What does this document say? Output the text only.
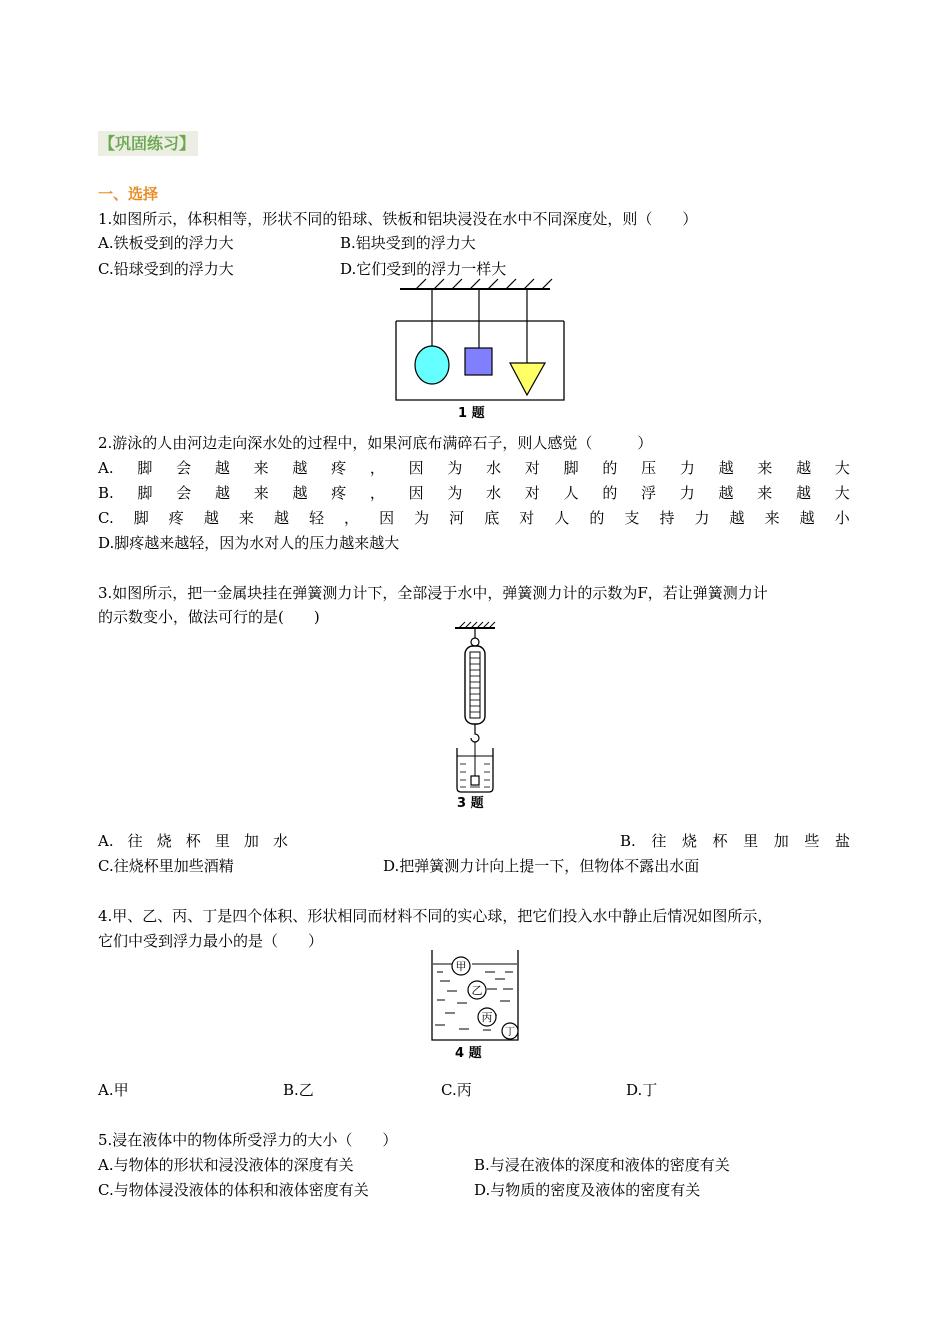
【巩固练习】
一、选择
1.如图所示，体积相等，形状不同的铅球、铁板和铝块浸没在水中不同深度处，则（　　）
A.铁板受到的浮力大	B.铝块受到的浮力大
C.铅球受到的浮力大	D.它们受到的浮力一样大
1 题
2.游泳的人由河边走向深水处的过程中，如果河底布满碎石子，则人感觉（　　　）
A. 脚 会 越 来 越 疼 ， 因 为 水 对 脚 的 压 力 越 来 越 大
B. 脚 会 越 来 越 疼 ， 因 为 水 对 人 的 浮 力 越 来 越 大
C. 脚 疼 越 来 越 轻 ， 因 为 河 底 对 人 的 支 持 力 越 来 越 小
D.脚疼越来越轻，因为水对人的压力越来越大
3.如图所示，把一金属块挂在弹簧测力计下，全部浸于水中，弹簧测力计的示数为F，若让弹簧测力计
的示数变小，做法可行的是(　　)
3 题
A. 往 烧 杯 里 加 水	B. 往 烧 杯 里 加 些 盐
C.往烧杯里加些酒精	D.把弹簧测力计向上提一下，但物体不露出水面
4.甲、乙、丙、丁是四个体积、形状相同而材料不同的实心球，把它们投入水中静止后情况如图所示，
它们中受到浮力最小的是（　　）
甲
乙
丙
丁
4 题
A.甲	B.乙	C.丙	D.丁
5.浸在液体中的物体所受浮力的大小（　　）
A.与物体的形状和浸没液体的深度有关	B.与浸在液体的深度和液体的密度有关
C.与物体浸没液体的体积和液体密度有关	D.与物质的密度及液体的密度有关
